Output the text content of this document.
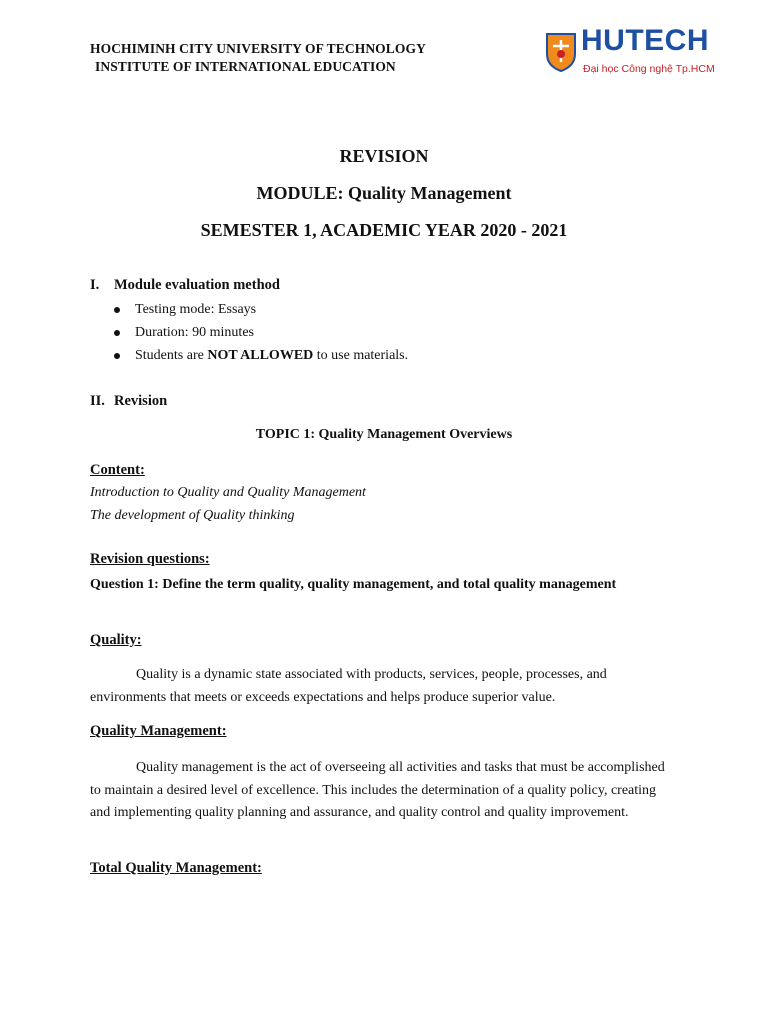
HOCHIMINH CITY UNIVERSITY OF TECHNOLOGY
INSTITUTE OF INTERNATIONAL EDUCATION
HUTECH
Đại học Công nghệ Tp.HCM
REVISION
MODULE: Quality Management
SEMESTER 1, ACADEMIC YEAR 2020 - 2021
I. Module evaluation method
Testing mode: Essays
Duration: 90 minutes
Students are NOT ALLOWED to use materials.
II. Revision
TOPIC 1: Quality Management Overviews
Content:
Introduction to Quality and Quality Management
The development of Quality thinking
Revision questions:
Question 1: Define the term quality, quality management, and total quality management
Quality:
Quality is a dynamic state associated with products, services, people, processes, and environments that meets or exceeds expectations and helps produce superior value.
Quality Management:
Quality management is the act of overseeing all activities and tasks that must be accomplished to maintain a desired level of excellence. This includes the determination of a quality policy, creating and implementing quality planning and assurance, and quality control and quality improvement.
Total Quality Management:
